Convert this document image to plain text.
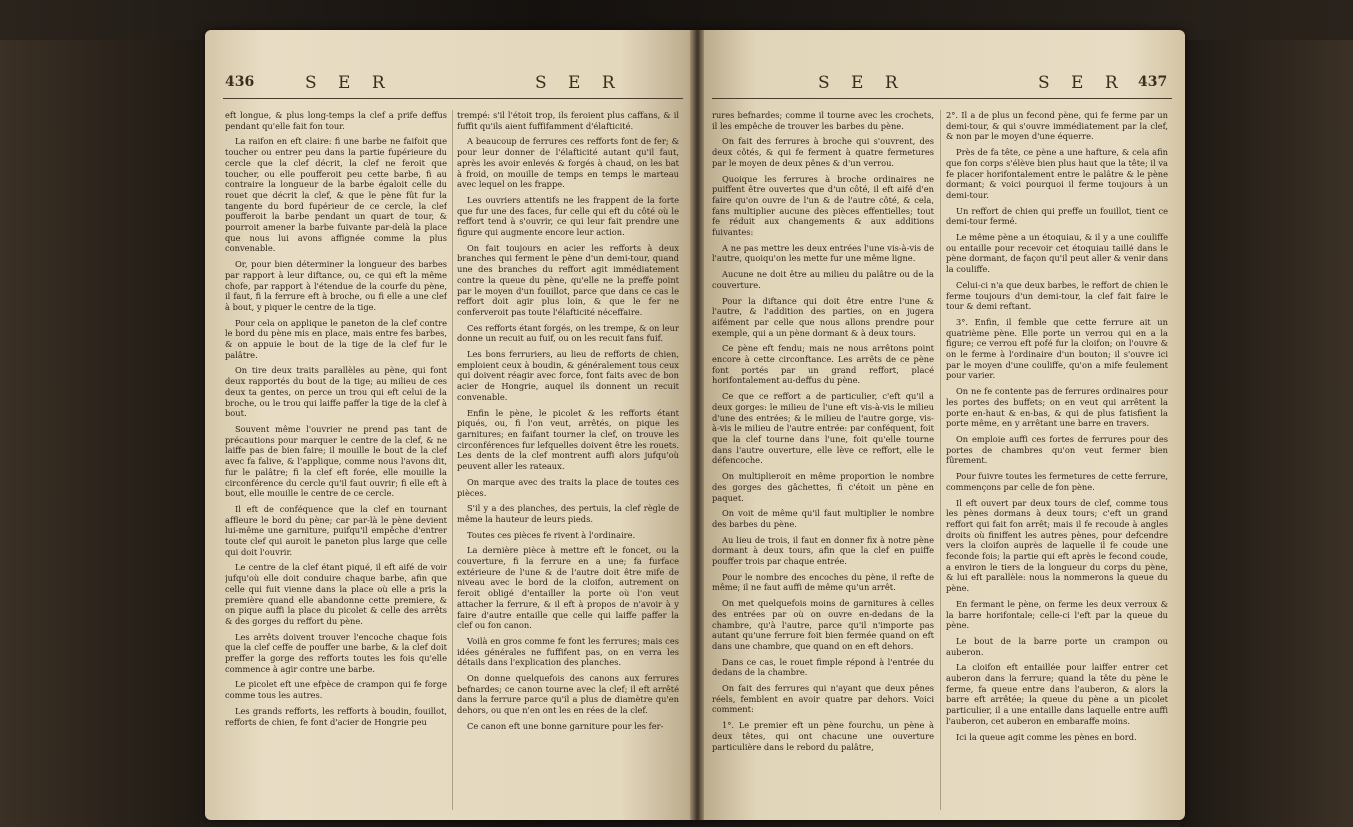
436	S E R	S E R

eft longue, & plus long-temps la clef a prife deffus pendant qu'elle fait fon tour.

La raifon en eft claire: fi une barbe ne faifoit que toucher ou entrer peu dans la partie fupérieure du cercle que la clef décrit, la clef ne feroit que toucher, ou elle poufferoit peu cette barbe, fi au contraire la longueur de la barbe égaloit celle du rouet que décrit la clef, & que le pène fût fur la tangente du bord fupérieur de ce cercle, la clef poufferoit la barbe pendant un quart de tour, & pourroit amener la barbe fuivante par-delà la place que nous lui avons affignée comme la plus convenable.

Or, pour bien déterminer la longueur des barbes par rapport à leur diftance, ou, ce qui eft la même chofe, par rapport à l'étendue de la courfe du pène, il faut, fi la ferrure eft à broche, ou fi elle a une clef à bout, y piquer le centre de la tige.

Pour cela on applique le paneton de la clef contre le bord du pène mis en place, mais entre fes barbes, & on appuie le bout de la tige de la clef fur le palâtre.

On tire deux traits parallèles au pène, qui font deux rapportés du bout de la tige; au milieu de ces deux ta gentes, on perce un trou qui eft celui de la broche, ou le trou qui laiffe paffer la tige de la clef à bout.

Souvent même l'ouvrier ne prend pas tant de précautions pour marquer le centre de la clef, & ne laiffe pas de bien faire; il mouille le bout de la clef avec fa falive, & l'applique, comme nous l'avons dit, fur le palâtre; fi la clef eft forée, elle mouille la circonférence du cercle qu'il faut ouvrir; fi elle eft à bout, elle mouille le centre de ce cercle.

Il eft de conféquence que la clef en tournant affleure le bord du pène; car par-là le pène devient lui-même une garniture, puifqu'il empêche d'entrer toute clef qui auroit le paneton plus large que celle qui doit l'ouvrir.

Le centre de la clef étant piqué, il eft aifé de voir jufqu'où elle doit conduire chaque barbe, afin que celle qui fuit vienne dans la place où elle a pris la première quand elle abandonne cette premiere, & on pique auffi la place du picolet & celle des arrêts & des gorges du reffort du pène.

Les arrêts doivent trouver l'encoche chaque fois que la clef ceffe de pouffer une barbe, & la clef doit preffer la gorge des refforts toutes les fois qu'elle commence à agir contre une barbe.

Le picolet eft une efpèce de crampon qui fe forge comme tous les autres.

Les grands refforts, les refforts à boudin, fouillot, refforts de chien, fe font d'acier de Hongrie peu

trempé: s'il l'étoit trop, ils feroient plus caffans, & il fuffit qu'ils aient fuffifamment d'élafticité.

A beaucoup de ferrures ces refforts font de fer; & pour leur donner de l'élafticité autant qu'il faut, après les avoir enlevés & forgés à chaud, on les bat à froid, on mouille de temps en temps le marteau avec lequel on les frappe.

Les ouvriers attentifs ne les frappent de la forte que fur une des faces, fur celle qui eft du côté où le reffort tend à s'ouvrir, ce qui leur fait prendre une figure qui augmente encore leur action.

On fait toujours en acier les refforts à deux branches qui ferment le pène d'un demi-tour, quand une des branches du reffort agit immédiatement contre la queue du pène, qu'elle ne la preffe point par le moyen d'un fouillot, parce que dans ce cas le reffort doit agir plus loin, & que le fer ne conferveroit pas toute l'élafticité néceffaire.

Ces refforts étant forgés, on les trempe, & on leur donne un recuit au fuif, ou on les recuit fans fuif.

Les bons ferruriers, au lieu de refforts de chien, emploient ceux à boudin, & généralement tous ceux qui doivent réagir avec force, font faits avec de bon acier de Hongrie, auquel ils donnent un recuit convenable.

Enfin le pène, le picolet & les refforts étant piqués, ou, fi l'on veut, arrêtés, on pique les garnitures; en faifant tourner la clef, on trouve les circonférences fur lefquelles doivent être les rouets. Les dents de la clef montrent auffi alors jufqu'où peuvent aller les rateaux.

On marque avec des traits la place de toutes ces pièces.

S'il y a des planches, des pertuis, la clef règle de même la hauteur de leurs pieds.

Toutes ces pièces fe rivent à l'ordinaire.

La dernière pièce à mettre eft le foncet, ou la couverture, fi la ferrure en a une; fa furface extérieure de l'une & de l'autre doit être mife de niveau avec le bord de la cloifon, autrement on feroit obligé d'entailler la porte où l'on veut attacher la ferrure, & il eft à propos de n'avoir à y faire d'autre entaille que celle qui laiffe paffer la clef ou fon canon.

Voilà en gros comme fe font les ferrures; mais ces idées générales ne fuffifent pas, on en verra les détails dans l'explication des planches.

On donne quelquefois des canons aux ferrures befnardes; ce canon tourne avec la clef; il eft arrêté dans la ferrure parce qu'il a plus de diamètre qu'en dehors, ou que n'en ont les en rées de la clef.

Ce canon eft une bonne garniture pour les fer-

S E R	S E R 437

rures befnardes; comme il tourne avec les crochets, il les empêche de trouver les barbes du pène.

On fait des ferrures à broche qui s'ouvrent, des deux côtés, & qui fe ferment à quatre fermetures par le moyen de deux pênes & d'un verrou.

Quoique les ferrures à broche ordinaires ne puiffent être ouvertes que d'un côté, il eft aifé d'en faire qu'on ouvre de l'un & de l'autre côté, & cela, fans multiplier aucune des pièces effentielles; tout fe réduit aux changements & aux additions fuivantes:

A ne pas mettre les deux entrées l'une vis-à-vis de l'autre, quoiqu'on les mette fur une même ligne.

Aucune ne doit être au milieu du palâtre ou de la couverture.

Pour la diftance qui doit être entre l'une & l'autre, & l'addition des parties, on en jugera aifément par celle que nous allons prendre pour exemple, qui a un pène dormant & à deux tours.

Ce pène eft fendu; mais ne nous arrêtons point encore à cette circonftance. Les arrêts de ce pène font portés par un grand reffort, placé horifontalement au-deffus du pène.

Ce que ce reffort a de particulier, c'eft qu'il a deux gorges: le milieu de l'une eft vis-à-vis le milieu d'une des entrées; & le milieu de l'autre gorge, vis-à-vis le milieu de l'autre entrée: par conféquent, foit que la clef tourne dans l'une, foit qu'elle tourne dans l'autre ouverture, elle lève ce reffort, elle le défencoche.

On multiplieroit en même proportion le nombre des gorges des gâchettes, fi c'étoit un pène en paquet.

On voit de même qu'il faut multiplier le nombre des barbes du pène.

Au lieu de trois, il faut en donner fix à notre pène dormant à deux tours, afin que la clef en puiffe pouffer trois par chaque entrée.

Pour le nombre des encoches du pène, il refte de même; il ne faut auffi de même qu'un arrêt.

On met quelquefois moins de garnitures à celles des entrées par où on ouvre en-dedans de la chambre, qu'à l'autre, parce qu'il n'importe pas autant qu'une ferrure foit bien fermée quand on eft dans une chambre, que quand on en eft dehors.

Dans ce cas, le rouet fimple répond à l'entrée du dedans de la chambre.

On fait des ferrures qui n'ayant que deux pênes réels, femblent en avoir quatre par dehors. Voici comment:

1°. Le premier eft un pène fourchu, un pène à deux têtes, qui ont chacune une ouverture particulière dans le rebord du palâtre,

2°. Il a de plus un fecond pène, qui fe ferme par un demi-tour, & qui s'ouvre immédiatement par la clef, & non par le moyen d'une équerre.

Près de fa tête, ce pène a une hafture, & cela afin que fon corps s'élève bien plus haut que la tête; il va fe placer horifontalement entre le palâtre & le pène dormant; & voici pourquoi il ferme toujours à un demi-tour.

Un reffort de chien qui preffe un fouillot, tient ce demi-tour fermé.

Le même pène a un étoquiau, & il y a une couliffe ou entaille pour recevoir cet étoquiau taillé dans le pène dormant, de façon qu'il peut aller & venir dans la couliffe.

Celui-ci n'a que deux barbes, le reffort de chien le ferme toujours d'un demi-tour, la clef fait faire le tour & demi reftant.

3°. Enfin, il femble que cette ferrure ait un quatrième pène. Elle porte un verrou qui en a la figure; ce verrou eft pofé fur la cloifon; on l'ouvre & on le ferme à l'ordinaire d'un bouton; il s'ouvre ici par le moyen d'une couliffe, qu'on a mife feulement pour varier.

On ne fe contente pas de ferrures ordinaires pour les portes des buffets; on en veut qui arrêtent la porte en-haut & en-bas, & qui de plus fatisfient la porte même, en y arrêtant une barre en travers.

On emploie auffi ces fortes de ferrures pour des portes de chambres qu'on veut fermer bien fûrement.

Pour fuivre toutes les fermetures de cette ferrure, commençons par celle de fon pène.

Il eft ouvert par deux tours de clef, comme tous les pènes dormans à deux tours; c'eft un grand reffort qui fait fon arrêt; mais il fe recoude à angles droits où finiffent les autres pènes, pour defcendre vers la cloifon auprès de laquelle il fe coude une feconde fois; la partie qui eft après le fecond coude, a environ le tiers de la longueur du corps du pène, & lui eft parallèle: nous la nommerons la queue du pène.

En fermant le pène, on ferme les deux verroux & la barre horifontale; celle-ci l'eft par la queue du pène.

Le bout de la barre porte un crampon ou auberon.

La cloifon eft entaillée pour laiffer entrer cet auberon dans la ferrure; quand la tête du pène le ferme, fa queue entre dans l'auberon, & alors la barre eft arrêtée; la queue du pène a un picolet particulier, il a une entaille dans laquelle entre auffi l'auberon, cet auberon en embaraffe moins.

Ici la queue agit comme les pènes en bord.
